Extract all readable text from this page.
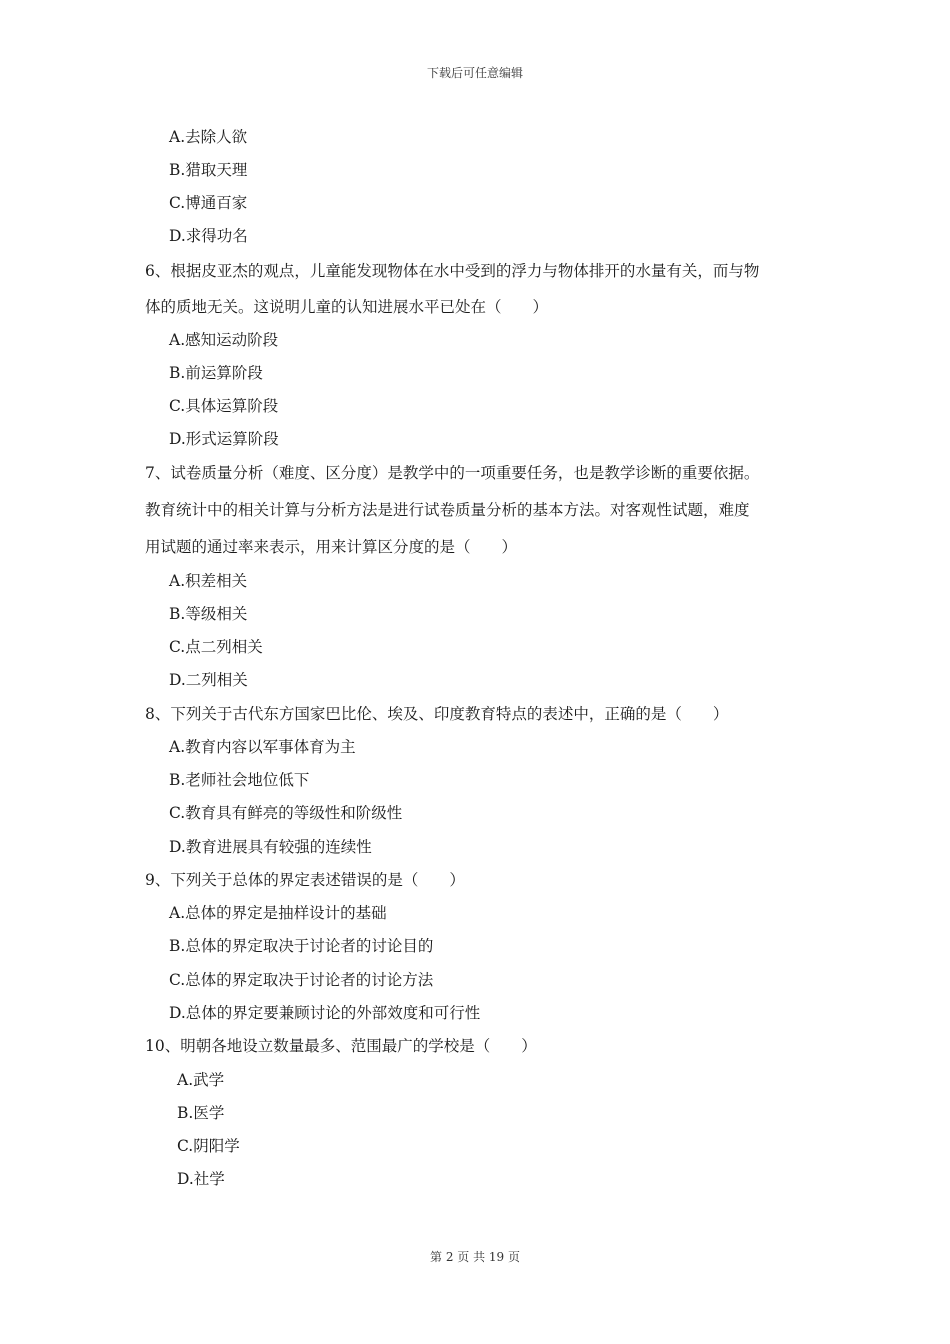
下载后可任意编辑
A.去除人欲
B.猎取天理
C.博通百家
D.求得功名
6、根据皮亚杰的观点，儿童能发现物体在水中受到的浮力与物体排开的水量有关，而与物
体的质地无关。这说明儿童的认知进展水平已处在（　　）
A.感知运动阶段
B.前运算阶段
C.具体运算阶段
D.形式运算阶段
7、试卷质量分析（难度、区分度）是教学中的一项重要任务，也是教学诊断的重要依据。
教育统计中的相关计算与分析方法是进行试卷质量分析的基本方法。对客观性试题，难度
用试题的通过率来表示，用来计算区分度的是（　　）
A.积差相关
B.等级相关
C.点二列相关
D.二列相关
8、下列关于古代东方国家巴比伦、埃及、印度教育特点的表述中，正确的是（　　）
A.教育内容以军事体育为主
B.老师社会地位低下
C.教育具有鲜亮的等级性和阶级性
D.教育进展具有较强的连续性
9、下列关于总体的界定表述错误的是（　　）
A.总体的界定是抽样设计的基础
B.总体的界定取决于讨论者的讨论目的
C.总体的界定取决于讨论者的讨论方法
D.总体的界定要兼顾讨论的外部效度和可行性
10、明朝各地设立数量最多、范围最广的学校是（　　）
A.武学
B.医学
C.阴阳学
D.社学
第 2 页 共 19 页
